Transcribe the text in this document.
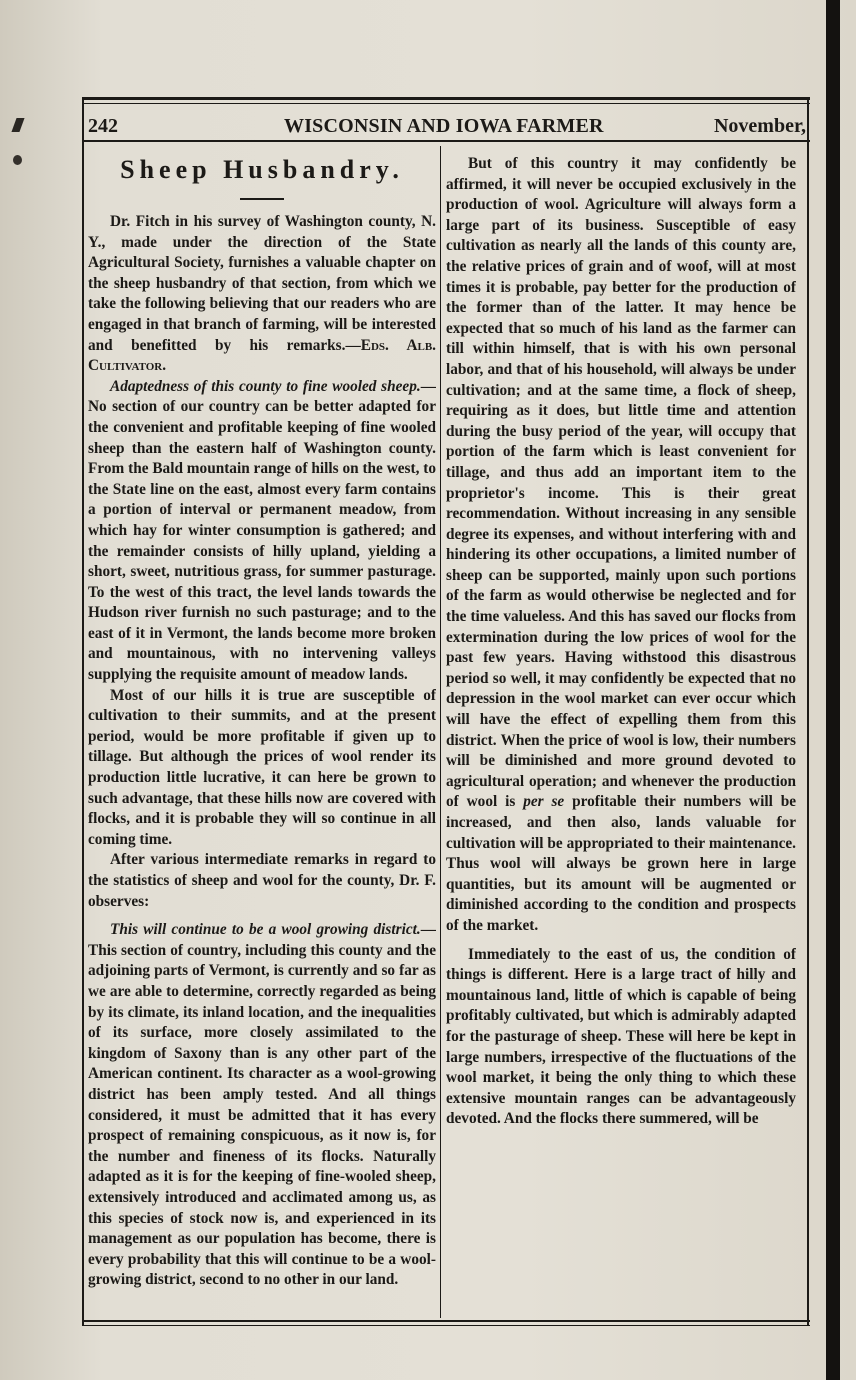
242	WISCONSIN AND IOWA FARMER	November,
Sheep Husbandry.

Dr. Fitch in his survey of Washington county, N. Y., made under the direction of the State Agricultural Society, furnishes a valuable chapter on the sheep husbandry of that section, from which we take the following believing that our readers who are engaged in that branch of farming, will be interested and benefitted by his remarks.—Eds. Alb. Cultivator.

Adaptedness of this county to fine wooled sheep.—No section of our country can be better adapted for the convenient and profitable keeping of fine wooled sheep than the eastern half of Washington county. From the Bald mountain range of hills on the west, to the State line on the east, almost every farm contains a portion of interval or permanent meadow, from which hay for winter consumption is gathered; and the remainder consists of hilly upland, yielding a short, sweet, nutritious grass, for summer pasturage. To the west of this tract, the level lands towards the Hudson river furnish no such pasturage; and to the east of it in Vermont, the lands become more broken and mountainous, with no intervening valleys supplying the requisite amount of meadow lands.

Most of our hills it is true are susceptible of cultivation to their summits, and at the present period, would be more profitable if given up to tillage. But although the prices of wool render its production little lucrative, it can here be grown to such advantage, that these hills now are covered with flocks, and it is probable they will so continue in all coming time.

After various intermediate remarks in regard to the statistics of sheep and wool for the county, Dr. F. observes:

This will continue to be a wool growing district.—This section of country, including this county and the adjoining parts of Vermont, is currently and so far as we are able to determine, correctly regarded as being by its climate, its inland location, and the inequalities of its surface, more closely assimilated to the kingdom of Saxony than is any other part of the American continent. Its character as a wool-growing district has been amply tested. And all things considered, it must be admitted that it has every prospect of remaining conspicuous, as it now is, for the number and fineness of its flocks. Naturally adapted as it is for the keeping of fine-wooled sheep, extensively introduced and acclimated among us, as this species of stock now is, and experienced in its management as our population has become, there is every probability that this will continue to be a wool-growing district, second to no other in our land.

But of this country it may confidently be affirmed, it will never be occupied exclusively in the production of wool. Agriculture will always form a large part of its business. Susceptible of easy cultivation as nearly all the lands of this county are, the relative prices of grain and of woof, will at most times it is probable, pay better for the production of the former than of the latter. It may hence be expected that so much of his land as the farmer can till within himself, that is with his own personal labor, and that of his household, will always be under cultivation; and at the same time, a flock of sheep, requiring as it does, but little time and attention during the busy period of the year, will occupy that portion of the farm which is least convenient for tillage, and thus add an important item to the proprietor's income. This is their great recommendation. Without increasing in any sensible degree its expenses, and without interfering with and hindering its other occupations, a limited number of sheep can be supported, mainly upon such portions of the farm as would otherwise be neglected and for the time valueless. And this has saved our flocks from extermination during the low prices of wool for the past few years. Having withstood this disastrous period so well, it may confidently be expected that no depression in the wool market can ever occur which will have the effect of expelling them from this district. When the price of wool is low, their numbers will be diminished and more ground devoted to agricultural operation; and whenever the production of wool is per se profitable their numbers will be increased, and then also, lands valuable for cultivation will be appropriated to their maintenance. Thus wool will always be grown here in large quantities, but its amount will be augmented or diminished according to the condition and prospects of the market.

Immediately to the east of us, the condition of things is different. Here is a large tract of hilly and mountainous land, little of which is capable of being profitably cultivated, but which is admirably adapted for the pasturage of sheep. These will here be kept in large numbers, irrespective of the fluctuations of the wool market, it being the only thing to which these extensive mountain ranges can be advantageously devoted. And the flocks there summered, will be
